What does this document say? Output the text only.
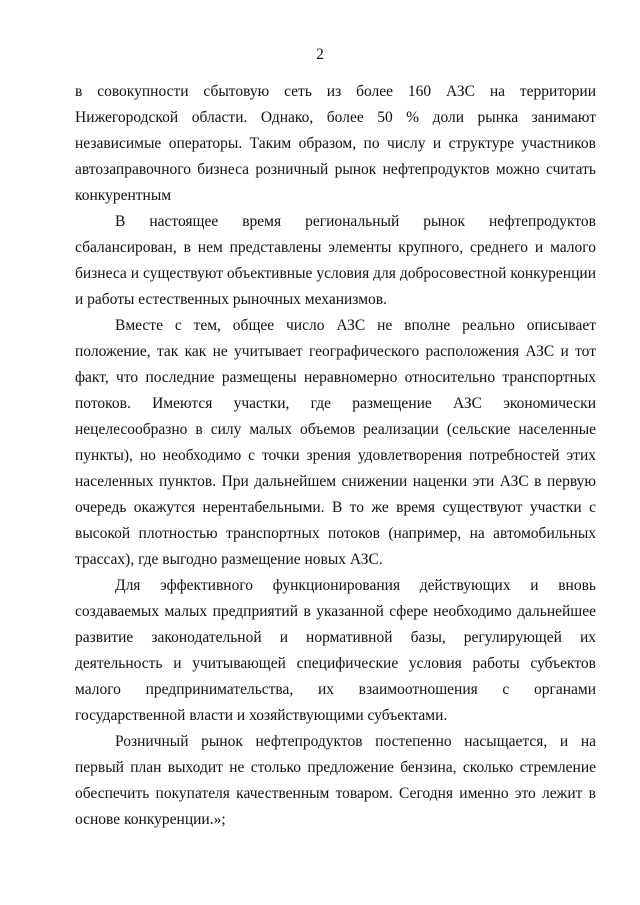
2

в совокупности сбытовую сеть из более 160 АЗС на территории Нижегородской области. Однако, более 50 % доли рынка занимают независимые операторы. Таким образом, по числу и структуре участников автозаправочного бизнеса розничный рынок нефтепродуктов можно считать конкурентным

В настоящее время региональный рынок нефтепродуктов сбалансирован, в нем представлены элементы крупного, среднего и малого бизнеса и существуют объективные условия для добросовестной конкуренции и работы естественных рыночных механизмов.

Вместе с тем, общее число АЗС не вполне реально описывает положение, так как не учитывает географического расположения АЗС и тот факт, что последние размещены неравномерно относительно транспортных потоков. Имеются участки, где размещение АЗС экономически нецелесообразно в силу малых объемов реализации (сельские населенные пункты), но необходимо с точки зрения удовлетворения потребностей этих населенных пунктов. При дальнейшем снижении наценки эти АЗС в первую очередь окажутся нерентабельными. В то же время существуют участки с высокой плотностью транспортных потоков (например, на автомобильных трассах), где выгодно размещение новых АЗС.

Для эффективного функционирования действующих и вновь создаваемых малых предприятий в указанной сфере необходимо дальнейшее развитие законодательной и нормативной базы, регулирующей их деятельность и учитывающей специфические условия работы субъектов малого предпринимательства, их взаимоотношения с органами государственной власти и хозяйствующими субъектами.

Розничный рынок нефтепродуктов постепенно насыщается, и на первый план выходит не столько предложение бензина, сколько стремление обеспечить покупателя качественным товаром. Сегодня именно это лежит в основе конкуренции.»;
